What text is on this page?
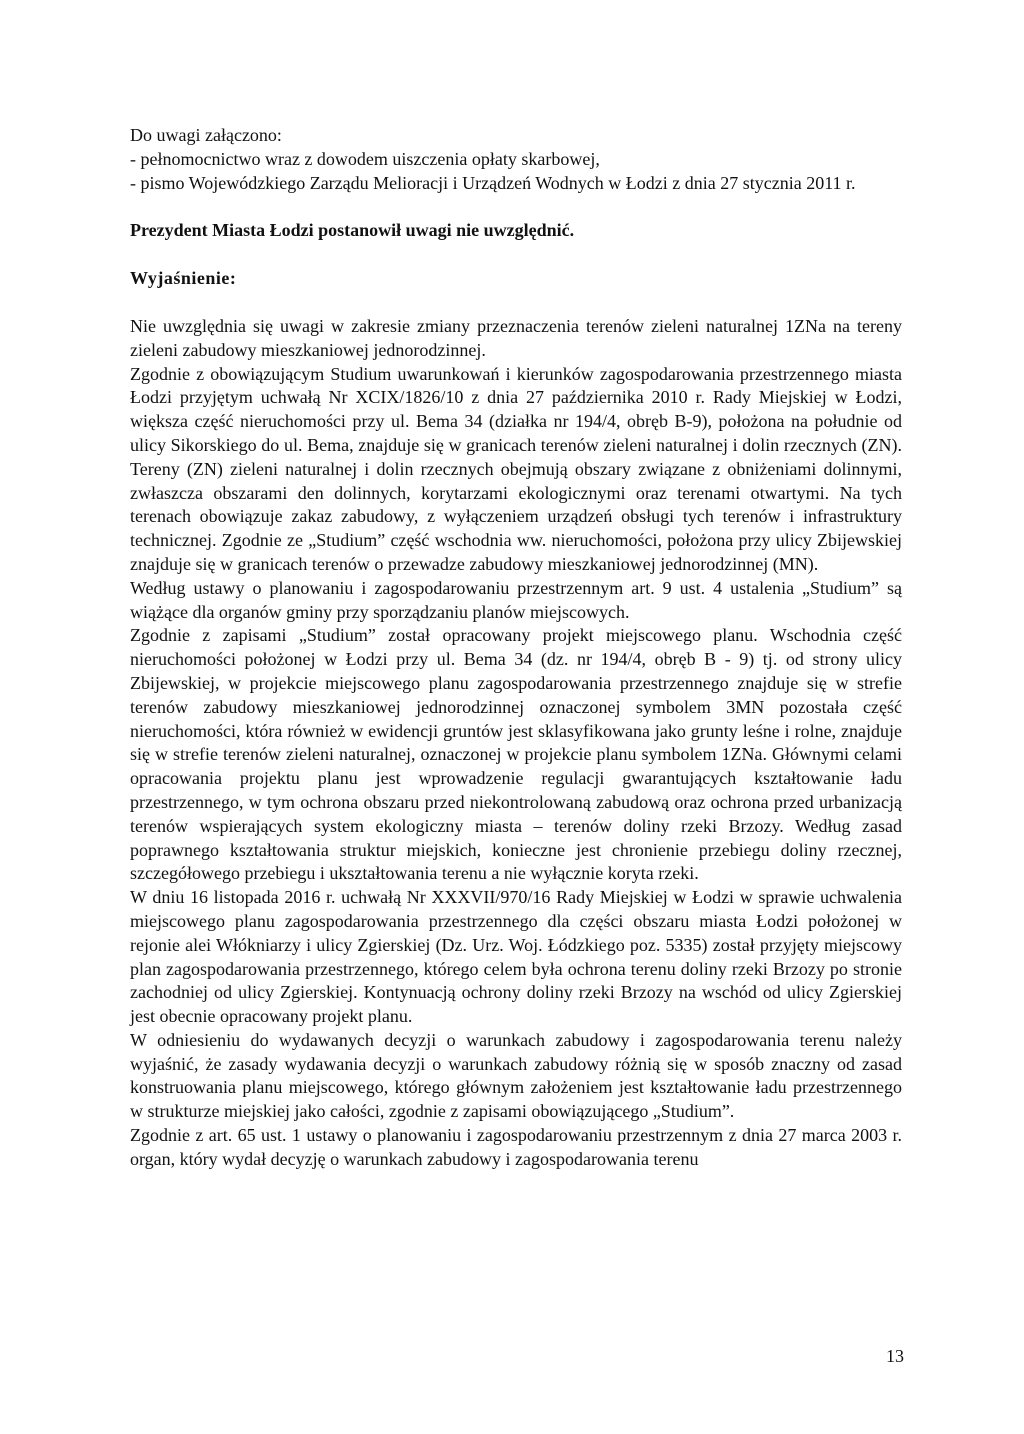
Do uwagi załączono:

- pełnomocnictwo wraz z dowodem uiszczenia opłaty skarbowej,

- pismo Wojewódzkiego Zarządu Melioracji i Urządzeń Wodnych w Łodzi z dnia 27 stycznia 2011 r.

Prezydent Miasta Łodzi postanowił uwagi nie uwzględnić.

Wyjaśnienie:

Nie uwzględnia się uwagi w zakresie zmiany przeznaczenia terenów zieleni naturalnej 1ZNa na tereny zieleni zabudowy mieszkaniowej jednorodzinnej.

Zgodnie z obowiązującym Studium uwarunkowań i kierunków zagospodarowania przestrzennego miasta Łodzi przyjętym uchwałą Nr XCIX/1826/10 z dnia 27 października 2010 r. Rady Miejskiej w Łodzi, większa część nieruchomości przy ul. Bema 34 (działka nr 194/4, obręb B-9), położona na południe od ulicy Sikorskiego do ul. Bema, znajduje się w granicach terenów zieleni naturalnej i dolin rzecznych (ZN). Tereny (ZN) zieleni naturalnej i dolin rzecznych obejmują obszary związane z obniżeniami dolinnymi, zwłaszcza obszarami den dolinnych, korytarzami ekologicznymi oraz terenami otwartymi. Na tych terenach obowiązuje zakaz zabudowy, z wyłączeniem urządzeń obsługi tych terenów i infrastruktury technicznej. Zgodnie ze „Studium” część wschodnia ww. nieruchomości, położona przy ulicy Zbijewskiej znajduje się w granicach terenów o przewadze zabudowy mieszkaniowej jednorodzinnej (MN).

Według ustawy o planowaniu i zagospodarowaniu przestrzennym art. 9 ust. 4 ustalenia „Studium” są wiążące dla organów gminy przy sporządzaniu planów miejscowych.

Zgodnie z zapisami „Studium” został opracowany projekt miejscowego planu. Wschodnia część nieruchomości położonej w Łodzi przy ul. Bema 34 (dz. nr 194/4, obręb B - 9) tj. od strony ulicy Zbijewskiej, w projekcie miejscowego planu zagospodarowania przestrzennego znajduje się w strefie terenów zabudowy mieszkaniowej jednorodzinnej oznaczonej symbolem 3MN pozostała część nieruchomości, która również w ewidencji gruntów jest sklasyfikowana jako grunty leśne i rolne, znajduje się w strefie terenów zieleni naturalnej, oznaczonej w projekcie planu symbolem 1ZNa. Głównymi celami opracowania projektu planu jest wprowadzenie regulacji gwarantujących kształtowanie ładu przestrzennego, w tym ochrona obszaru przed niekontrolowaną zabudową oraz ochrona przed urbanizacją terenów wspierających system ekologiczny miasta – terenów doliny rzeki Brzozy. Według zasad poprawnego kształtowania struktur miejskich, konieczne jest chronienie przebiegu doliny rzecznej, szczegółowego przebiegu i ukształtowania terenu a nie wyłącznie koryta rzeki.

W dniu 16 listopada 2016 r. uchwałą Nr XXXVII/970/16 Rady Miejskiej w Łodzi w sprawie uchwalenia miejscowego planu zagospodarowania przestrzennego dla części obszaru miasta Łodzi położonej w rejonie alei Włókniarzy i ulicy Zgierskiej (Dz. Urz. Woj. Łódzkiego poz. 5335) został przyjęty miejscowy plan zagospodarowania przestrzennego, którego celem była ochrona terenu doliny rzeki Brzozy po stronie zachodniej od ulicy Zgierskiej. Kontynuacją ochrony doliny rzeki Brzozy na wschód od ulicy Zgierskiej jest obecnie opracowany projekt planu.

W odniesieniu do wydawanych decyzji o warunkach zabudowy i zagospodarowania terenu należy wyjaśnić, że zasady wydawania decyzji o warunkach zabudowy różnią się w sposób znaczny od zasad konstruowania planu miejscowego, którego głównym założeniem jest kształtowanie ładu przestrzennego w strukturze miejskiej jako całości, zgodnie z zapisami obowiązującego „Studium”.

Zgodnie z art. 65 ust. 1 ustawy o planowaniu i zagospodarowaniu przestrzennym z dnia 27 marca 2003 r. organ, który wydał decyzję o warunkach zabudowy i zagospodarowania terenu

13
